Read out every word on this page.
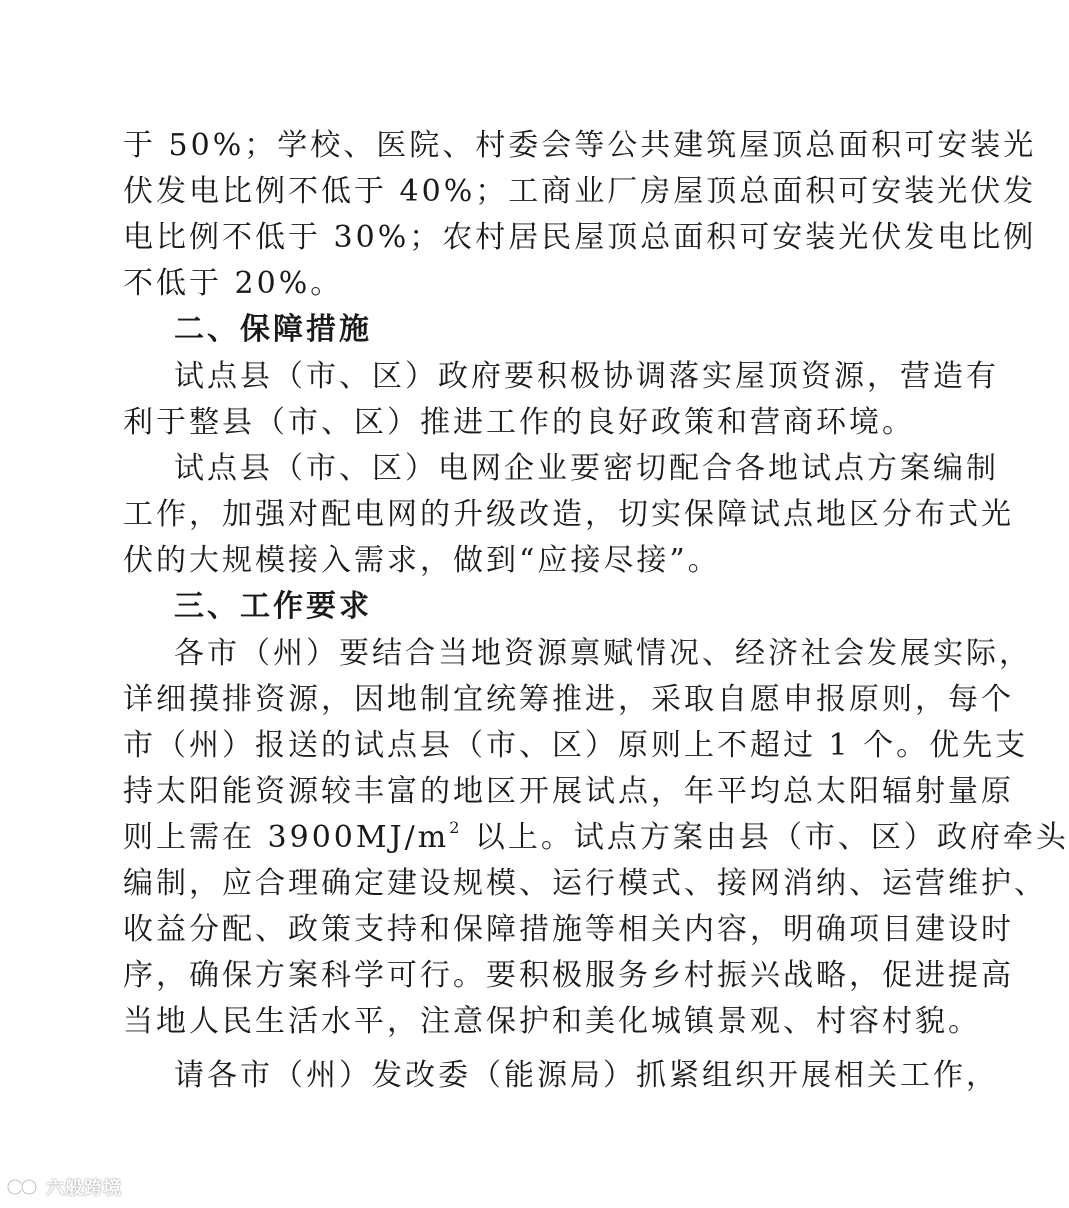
于 50%；学校、医院、村委会等公共建筑屋顶总面积可安装光
伏发电比例不低于 40%；工商业厂房屋顶总面积可安装光伏发
电比例不低于 30%；农村居民屋顶总面积可安装光伏发电比例
不低于 20%。
二、保障措施
试点县（市、区）政府要积极协调落实屋顶资源，营造有
利于整县（市、区）推进工作的良好政策和营商环境。
试点县（市、区）电网企业要密切配合各地试点方案编制
工作，加强对配电网的升级改造，切实保障试点地区分布式光
伏的大规模接入需求，做到“应接尽接”。
三、工作要求
各市（州）要结合当地资源禀赋情况、经济社会发展实际，
详细摸排资源，因地制宜统筹推进，采取自愿申报原则，每个
市（州）报送的试点县（市、区）原则上不超过 1 个。优先支
持太阳能资源较丰富的地区开展试点，年平均总太阳辐射量原
则上需在 $3900MJ/m^2$ 以上。试点方案由县（市、区）政府牵头
编制，应合理确定建设规模、运行模式、接网消纳、运营维护、
收益分配、政策支持和保障措施等相关内容，明确项目建设时
序，确保方案科学可行。要积极服务乡村振兴战略，促进提高
当地人民生活水平，注意保护和美化城镇景观、村容村貌。
请各市（州）发改委（能源局）抓紧组织开展相关工作，
六般跨境
